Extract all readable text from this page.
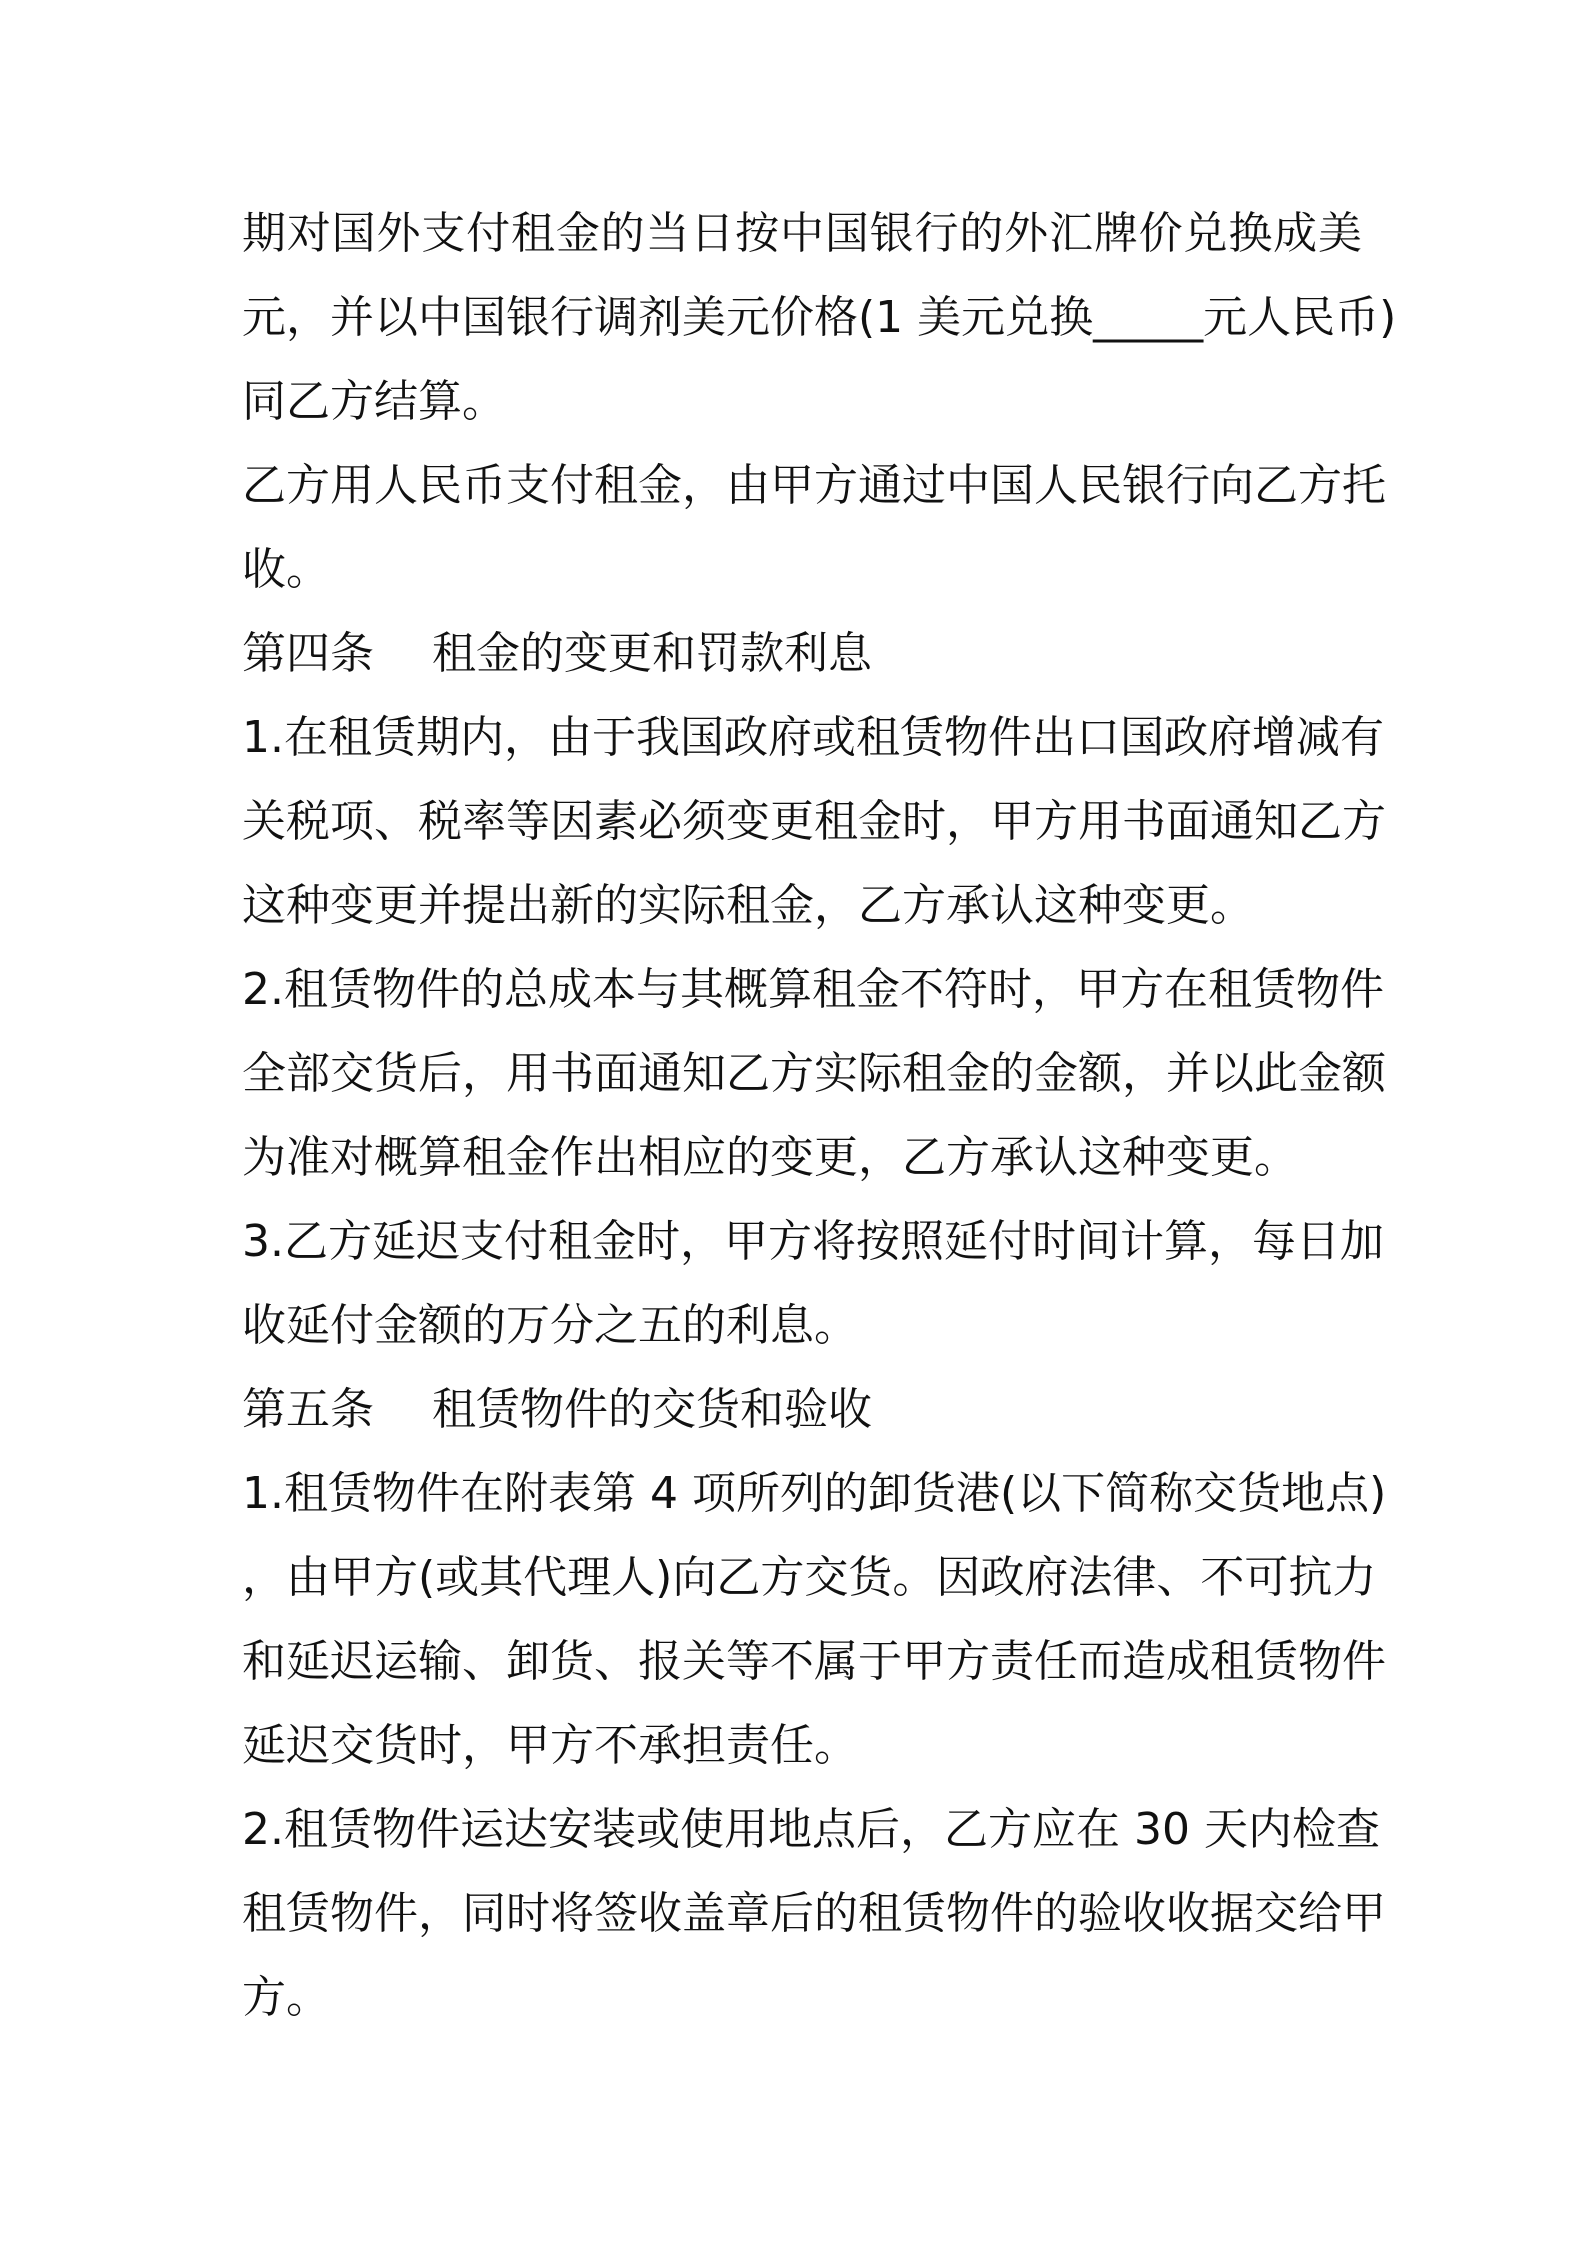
期对国外支付租金的当日按中国银行的外汇牌价兑换成美
元，并以中国银行调剂美元价格(1 美元兑换_____元人民币)
同乙方结算。
乙方用人民币支付租金，由甲方通过中国人民银行向乙方托
收。
第四条　 租金的变更和罚款利息
1.在租赁期内，由于我国政府或租赁物件出口国政府增减有
关税项、税率等因素必须变更租金时，甲方用书面通知乙方
这种变更并提出新的实际租金，乙方承认这种变更。
2.租赁物件的总成本与其概算租金不符时，甲方在租赁物件
全部交货后，用书面通知乙方实际租金的金额，并以此金额
为准对概算租金作出相应的变更，乙方承认这种变更。
3.乙方延迟支付租金时，甲方将按照延付时间计算，每日加
收延付金额的万分之五的利息。
第五条　 租赁物件的交货和验收
1.租赁物件在附表第 4 项所列的卸货港(以下简称交货地点)
，由甲方(或其代理人)向乙方交货。因政府法律、不可抗力
和延迟运输、卸货、报关等不属于甲方责任而造成租赁物件
延迟交货时，甲方不承担责任。
2.租赁物件运达安装或使用地点后，乙方应在 30 天内检查
租赁物件，同时将签收盖章后的租赁物件的验收收据交给甲
方。
